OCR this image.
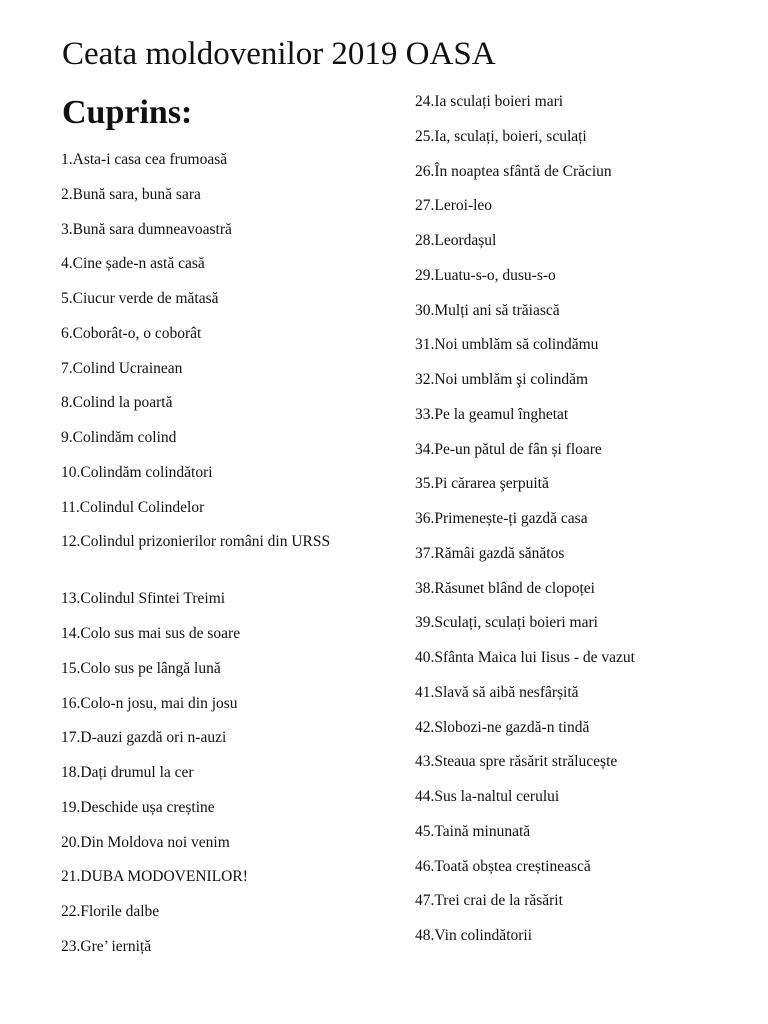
Ceata moldovenilor 2019 OASA
Cuprins:
1.Asta-i casa cea frumoasă
2.Bună sara, bună sara
3.Bună sara dumneavoastră
4.Cine șade-n astă casă
5.Ciucur verde de mătasă
6.Coborât-o, o coborât
7.Colind Ucrainean
8.Colind la poartă
9.Colindăm colind
10.Colindăm colindători
11.Colindul Colindelor
12.Colindul prizonierilor români din URSS
13.Colindul Sfintei Treimi
14.Colo sus mai sus de soare
15.Colo sus pe lângă lună
16.Colo-n josu, mai din josu
17.D-auzi gazdă ori n-auzi
18.Dați drumul la cer
19.Deschide ușa creștine
20.Din Moldova noi venim
21.DUBA MODOVENILOR!
22.Florile dalbe
23.Gre’ ierniță
24.Ia sculați boieri mari
25.Ia, sculați, boieri, sculați
26.În noaptea sfântă de Crăciun
27.Leroi-leo
28.Leordașul
29.Luatu-s-o, dusu-s-o
30.Mulți ani să trăiască
31.Noi umblăm să colindămu
32.Noi umblăm şi colindăm
33.Pe la geamul înghetat
34.Pe-un pătul de fân și floare
35.Pi cărarea şerpuită
36.Primenește-ți gazdă casa
37.Rămâi gazdă sănătos
38.Răsunet blând de clopoței
39.Sculați, sculați boieri mari
40.Sfânta Maica lui Iisus - de vazut
41.Slavă să aibă nesfârșită
42.Slobozi-ne gazdă-n tindă
43.Steaua spre răsărit strălucește
44.Sus la-naltul cerului
45.Taină minunată
46.Toată obștea creștinească
47.Trei crai de la răsărit
48.Vin colindătorii
